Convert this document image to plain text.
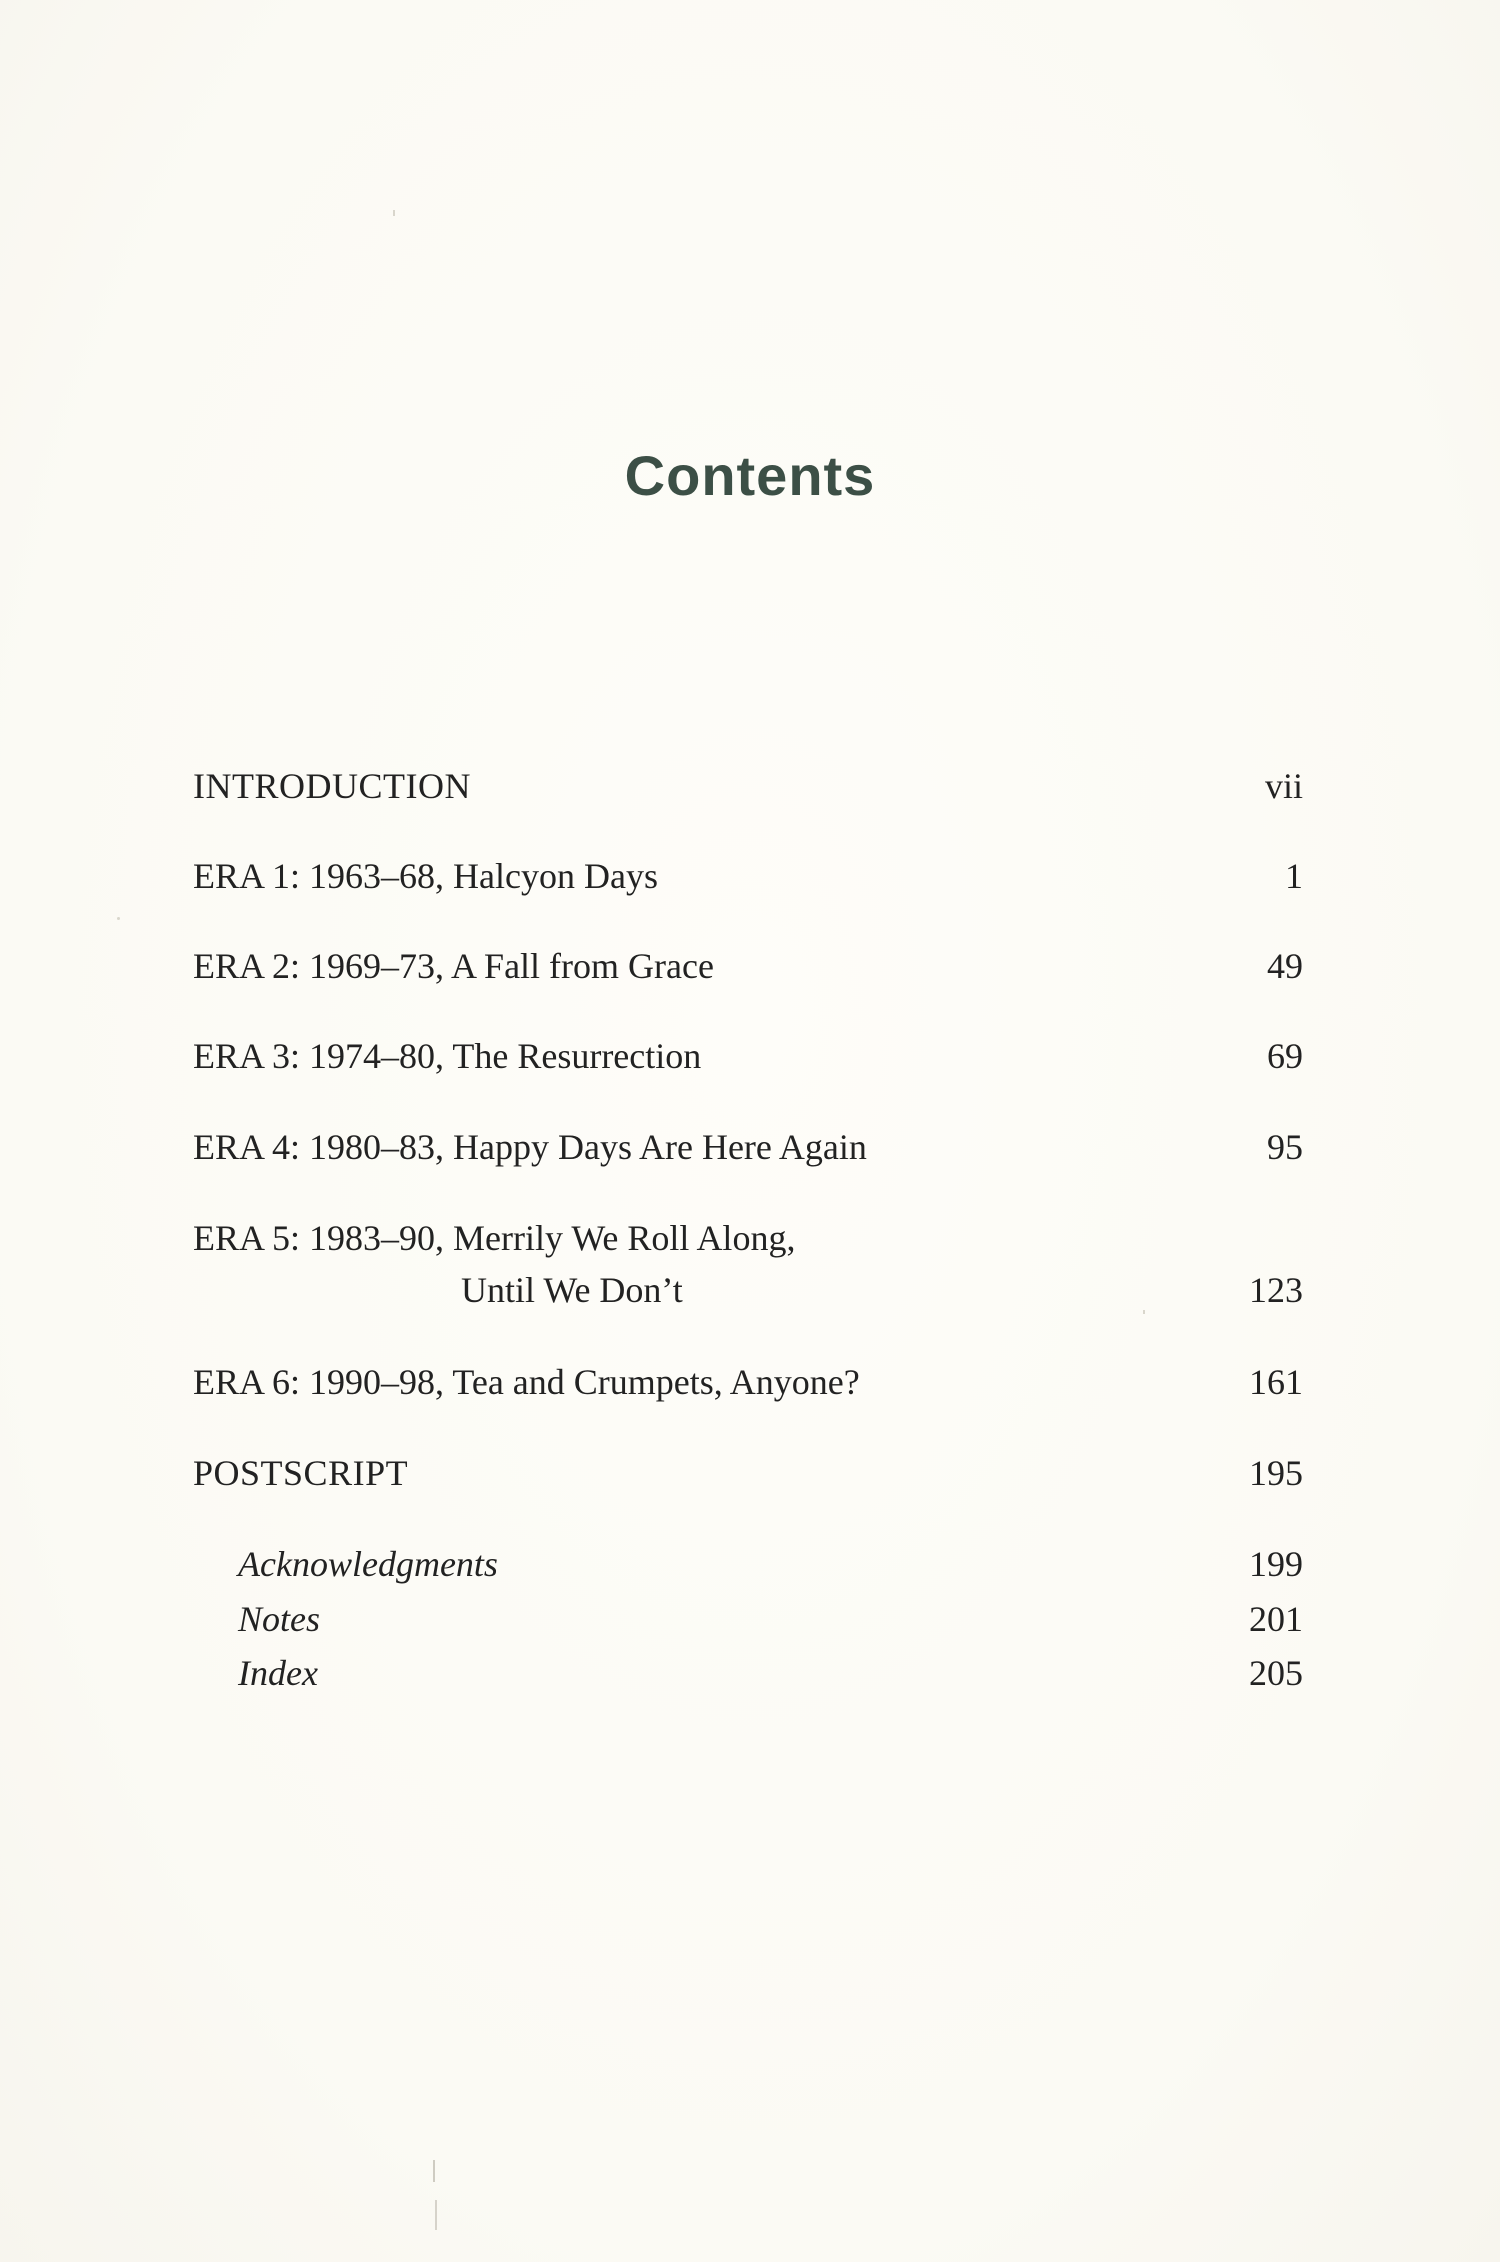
Contents
INTRODUCTION	vii
ERA 1: 1963–68, Halcyon Days	1
ERA 2: 1969–73, A Fall from Grace	49
ERA 3: 1974–80, The Resurrection	69
ERA 4: 1980–83, Happy Days Are Here Again	95
ERA 5: 1983–90, Merrily We Roll Along,
Until We Don’t	123
ERA 6: 1990–98, Tea and Crumpets, Anyone?	161
POSTSCRIPT	195
Acknowledgments	199
Notes	201
Index	205
